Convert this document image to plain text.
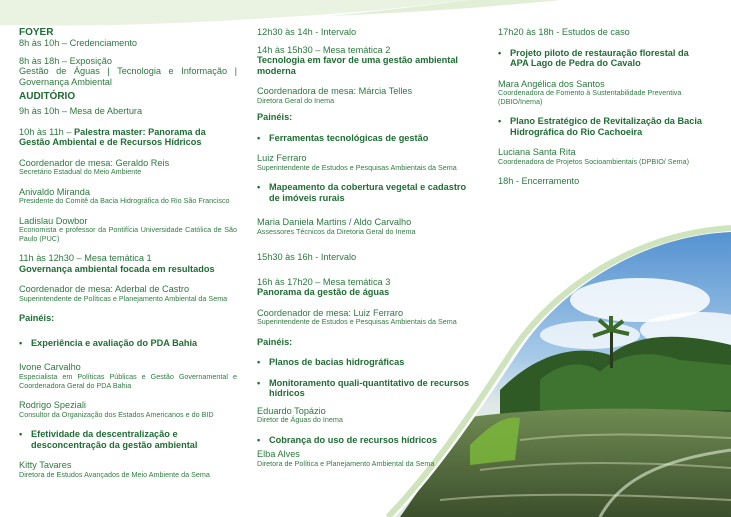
FOYER
8h às 10h – Credenciamento
8h às 18h – Exposição
Gestão de Águas | Tecnologia e Informação | Governança Ambiental
AUDITÓRIO
9h às 10h – Mesa de Abertura
10h às 11h – Palestra master: Panorama da Gestão Ambiental e de Recursos Hídricos
Coordenador de mesa: Geraldo Reis
Secretário Estadual do Meio Ambiente
Anivaldo Miranda
Presidente do Comitê da Bacia Hidrográfica do Rio São Francisco
Ladislau Dowbor
Economista e professor da Pontifícia Universidade Católica de São Paulo (PUC)
11h às 12h30 – Mesa temática 1
Governança ambiental focada em resultados
Coordenador de mesa: Aderbal de Castro
Superintendente de Políticas e Planejamento Ambiental da Sema
Painéis:
• Experiência e avaliação do PDA Bahia
Ivone Carvalho
Especialista em Políticas Públicas e Gestão Governamental e Coordenadora Geral do PDA Bahia
Rodrigo Speziali
Consultor da Organização dos Estados Americanos e do BID
• Efetividade da descentralização e desconcentração da gestão ambiental
Kitty Tavares
Diretora de Estudos Avançados de Meio Ambiente da Sema
12h30 às 14h - Intervalo
14h às 15h30 – Mesa temática 2
Tecnologia em favor de uma gestão ambiental moderna
Coordenadora de mesa: Márcia Telles
Diretora Geral do Inema
Painéis:
• Ferramentas tecnológicas de gestão
Luiz Ferraro
Superintendente de Estudos e Pesquisas Ambientais da Sema
• Mapeamento da cobertura vegetal e cadastro de imóveis rurais
Maria Daniela Martins / Aldo Carvalho
Assessores Técnicos da Diretoria Geral do Inema
15h30 às 16h - Intervalo
16h às 17h20 – Mesa temática 3
Panorama da gestão de águas
Coordenador de mesa: Luiz Ferraro
Superintendente de Estudos e Pesquisas Ambientais da Sema
Painéis:
• Planos de bacias hidrográficas
• Monitoramento quali-quantitativo de recursos hídricos
Eduardo Topázio
Diretor de Águas do Inema
• Cobrança do uso de recursos hídricos
Elba Alves
Diretora de Política e Planejamento Ambiental da Sema
17h20 às 18h - Estudos de caso
• Projeto piloto de restauração florestal da APA Lago de Pedra do Cavalo
Mara Angélica dos Santos
Coordenadora de Fomento à Sustentabilidade Preventiva (DBIO/Inema)
• Plano Estratégico de Revitalização da Bacia Hidrográfica do Rio Cachoeira
Luciana Santa Rita
Coordenadora de Projetos Socioambientais (DPBIO/ Sema)
18h - Encerramento
